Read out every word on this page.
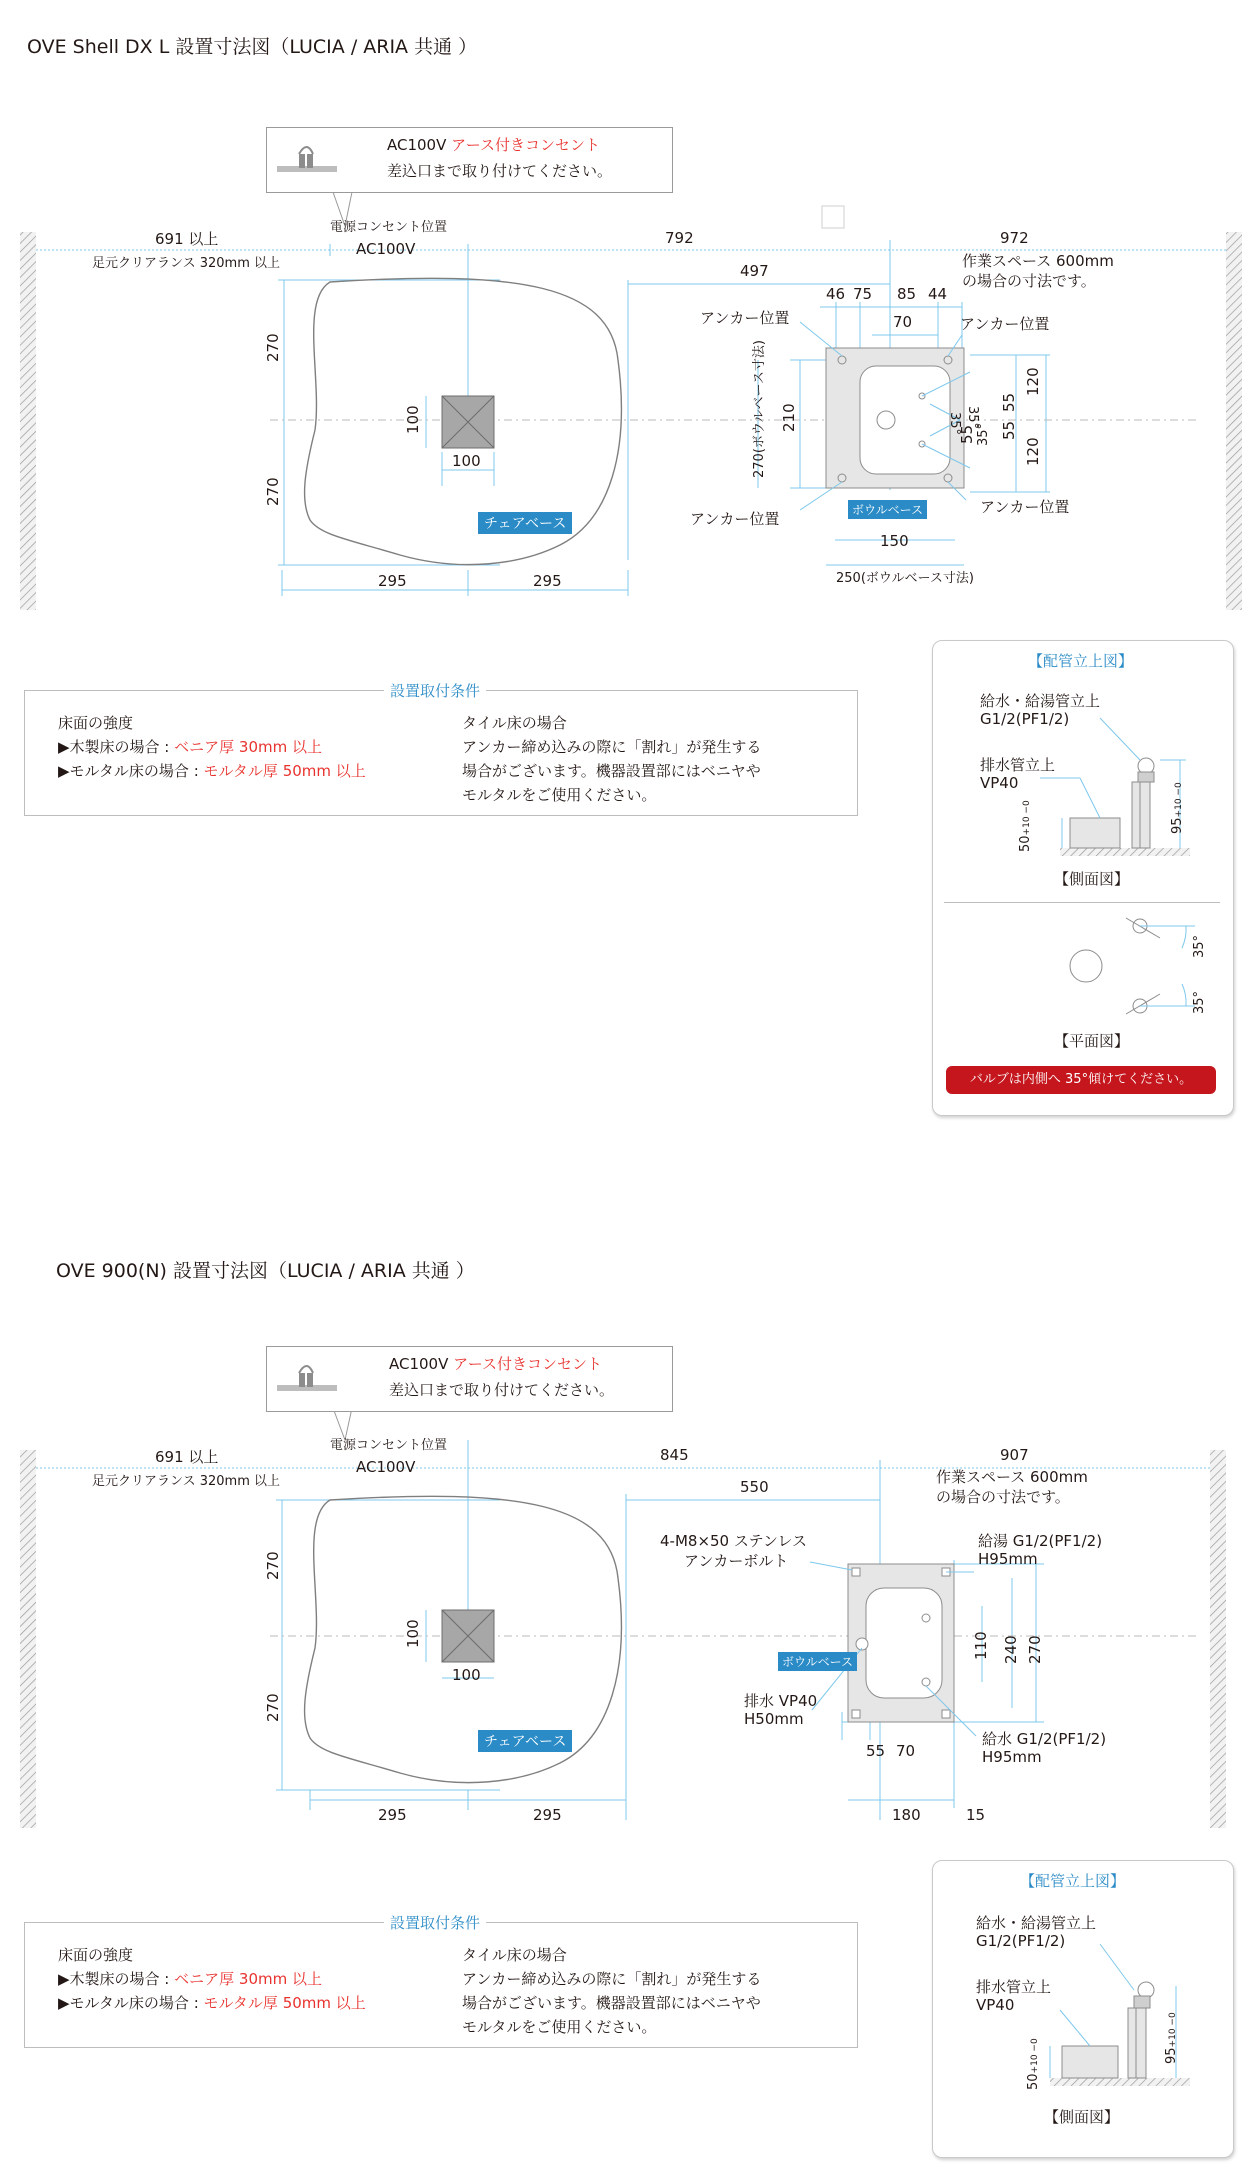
OVE Shell DX L 設置寸法図（LUCIA / ARIA 共通 ）
AC100V アース付きコンセント
差込口まで取り付けてください。
電源コンセント位置
AC100V
691 以上
足元クリアランス 320mm 以上
792	972
作業スペース 600mm
の場合の寸法です。
497
46 75 85 44
70
270
270
100
100
295	295
チェアベース
アンカー位置	アンカー位置
アンカー位置
アンカー位置
270(ボウルベース寸法) 210
120
120
55
55
55
35° 35°
35°
ボウルベース
150
250(ボウルベース寸法)
設置取付条件
床面の強度
▶木製床の場合 : ベニア厚 30mm 以上
▶モルタル床の場合 : モルタル厚 50mm 以上
タイル床の場合
アンカー締め込みの際に「割れ」が発生する
場合がございます。機器設置部にはベニヤや
モルタルをご使用ください。
【配管立上図】
給水・給湯管立上
G1/2(PF1/2)
排水管立上
VP40
50+10 −0	95+10 −0
【側面図】
35°
35°
【平面図】
バルブは内側へ 35°傾けてください。
OVE 900(N) 設置寸法図（LUCIA / ARIA 共通 ）
AC100V アース付きコンセント
差込口まで取り付けてください。
電源コンセント位置
AC100V
691 以上
足元クリアランス 320mm 以上
845	907
作業スペース 600mm
の場合の寸法です。
550
4-M8×50 ステンレス
アンカーボルト
給湯 G1/2(PF1/2)
H95mm
ボウルベース
排水 VP40
H50mm
給水 G1/2(PF1/2)
H95mm
110 240 270
55 70
180	15
270
270
100
100
295	295
チェアベース
設置取付条件
床面の強度
▶木製床の場合 : ベニア厚 30mm 以上
▶モルタル床の場合 : モルタル厚 50mm 以上
タイル床の場合
アンカー締め込みの際に「割れ」が発生する
場合がございます。機器設置部にはベニヤや
モルタルをご使用ください。
【配管立上図】
給水・給湯管立上
G1/2(PF1/2)
排水管立上
VP40
50+10 −0	95+10 −0
【側面図】
